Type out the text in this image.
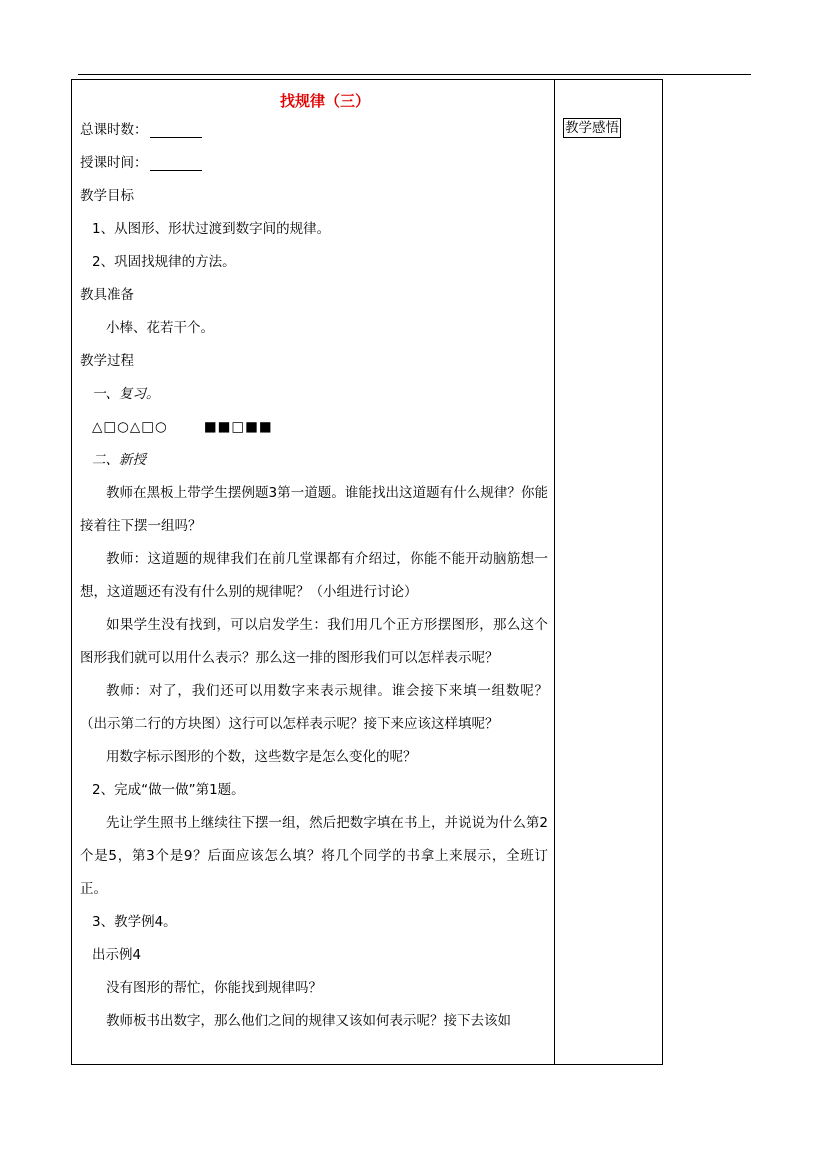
教学感悟
找规律（三）
总课时数：
授课时间：
教学目标
1、从图形、形状过渡到数字间的规律。
2、巩固找规律的方法。
教具准备
小棒、花若干个。
教学过程
一、复习。
△□○△□○	■■□■■
二、新授
教师在黑板上带学生摆例题3第一道题。谁能找出这道题有什么规律？你能接着往下摆一组吗？
教师：这道题的规律我们在前几堂课都有介绍过，你能不能开动脑筋想一想，这道题还有没有什么别的规律呢？（小组进行讨论）
如果学生没有找到，可以启发学生：我们用几个正方形摆图形，那么这个图形我们就可以用什么表示？那么这一排的图形我们可以怎样表示呢？
教师：对了，我们还可以用数字来表示规律。谁会接下来填一组数呢？（出示第二行的方块图）这行可以怎样表示呢？接下来应该这样填呢？
用数字标示图形的个数，这些数字是怎么变化的呢？
2、完成“做一做”第1题。
先让学生照书上继续往下摆一组，然后把数字填在书上，并说说为什么第2个是5，第3个是9？后面应该怎么填？将几个同学的书拿上来展示，全班订正。
3、教学例4。
出示例4
没有图形的帮忙，你能找到规律吗？
教师板书出数字，那么他们之间的规律又该如何表示呢？接下去该如
